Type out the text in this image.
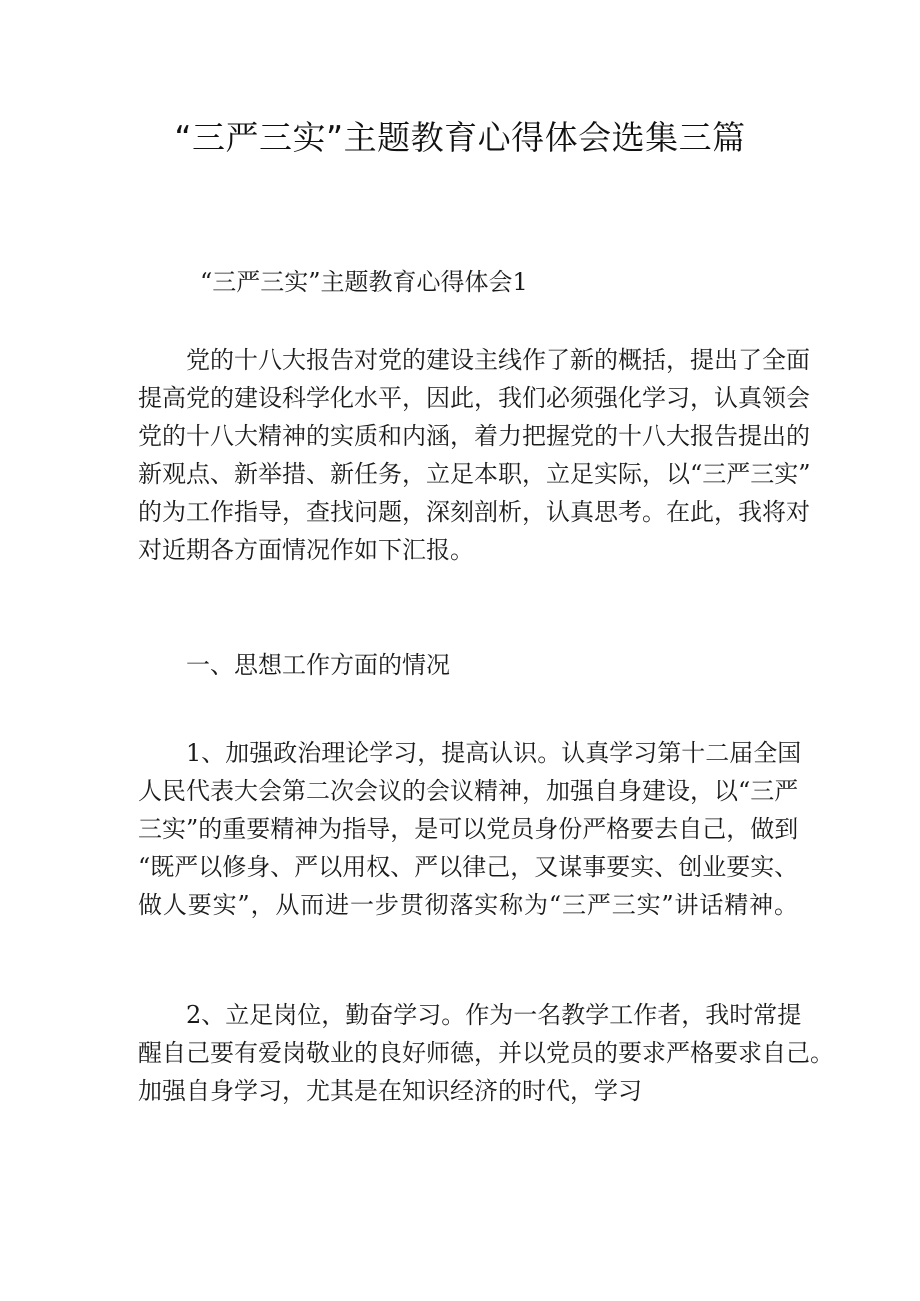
“三严三实”主题教育心得体会选集三篇

“三严三实”主题教育心得体会1

党的十八大报告对党的建设主线作了新的概括，提出了全面
提高党的建设科学化水平，因此，我们必须强化学习，认真领会
党的十八大精神的实质和内涵，着力把握党的十八大报告提出的
新观点、新举措、新任务，立足本职，立足实际，以“三严三实”
的为工作指导，查找问题，深刻剖析，认真思考。在此，我将对
对近期各方面情况作如下汇报。
一、思想工作方面的情况
1、加强政治理论学习，提高认识。认真学习第十二届全国
人民代表大会第二次会议的会议精神，加强自身建设，以“三严
三实”的重要精神为指导，是可以党员身份严格要去自己，做到
“既严以修身、严以用权、严以律己，又谋事要实、创业要实、
做人要实”，从而进一步贯彻落实称为“三严三实”讲话精神。
2、立足岗位，勤奋学习。作为一名教学工作者，我时常提
醒自己要有爱岗敬业的良好师德，并以党员的要求严格要求自己。
加强自身学习，尤其是在知识经济的时代，学习
